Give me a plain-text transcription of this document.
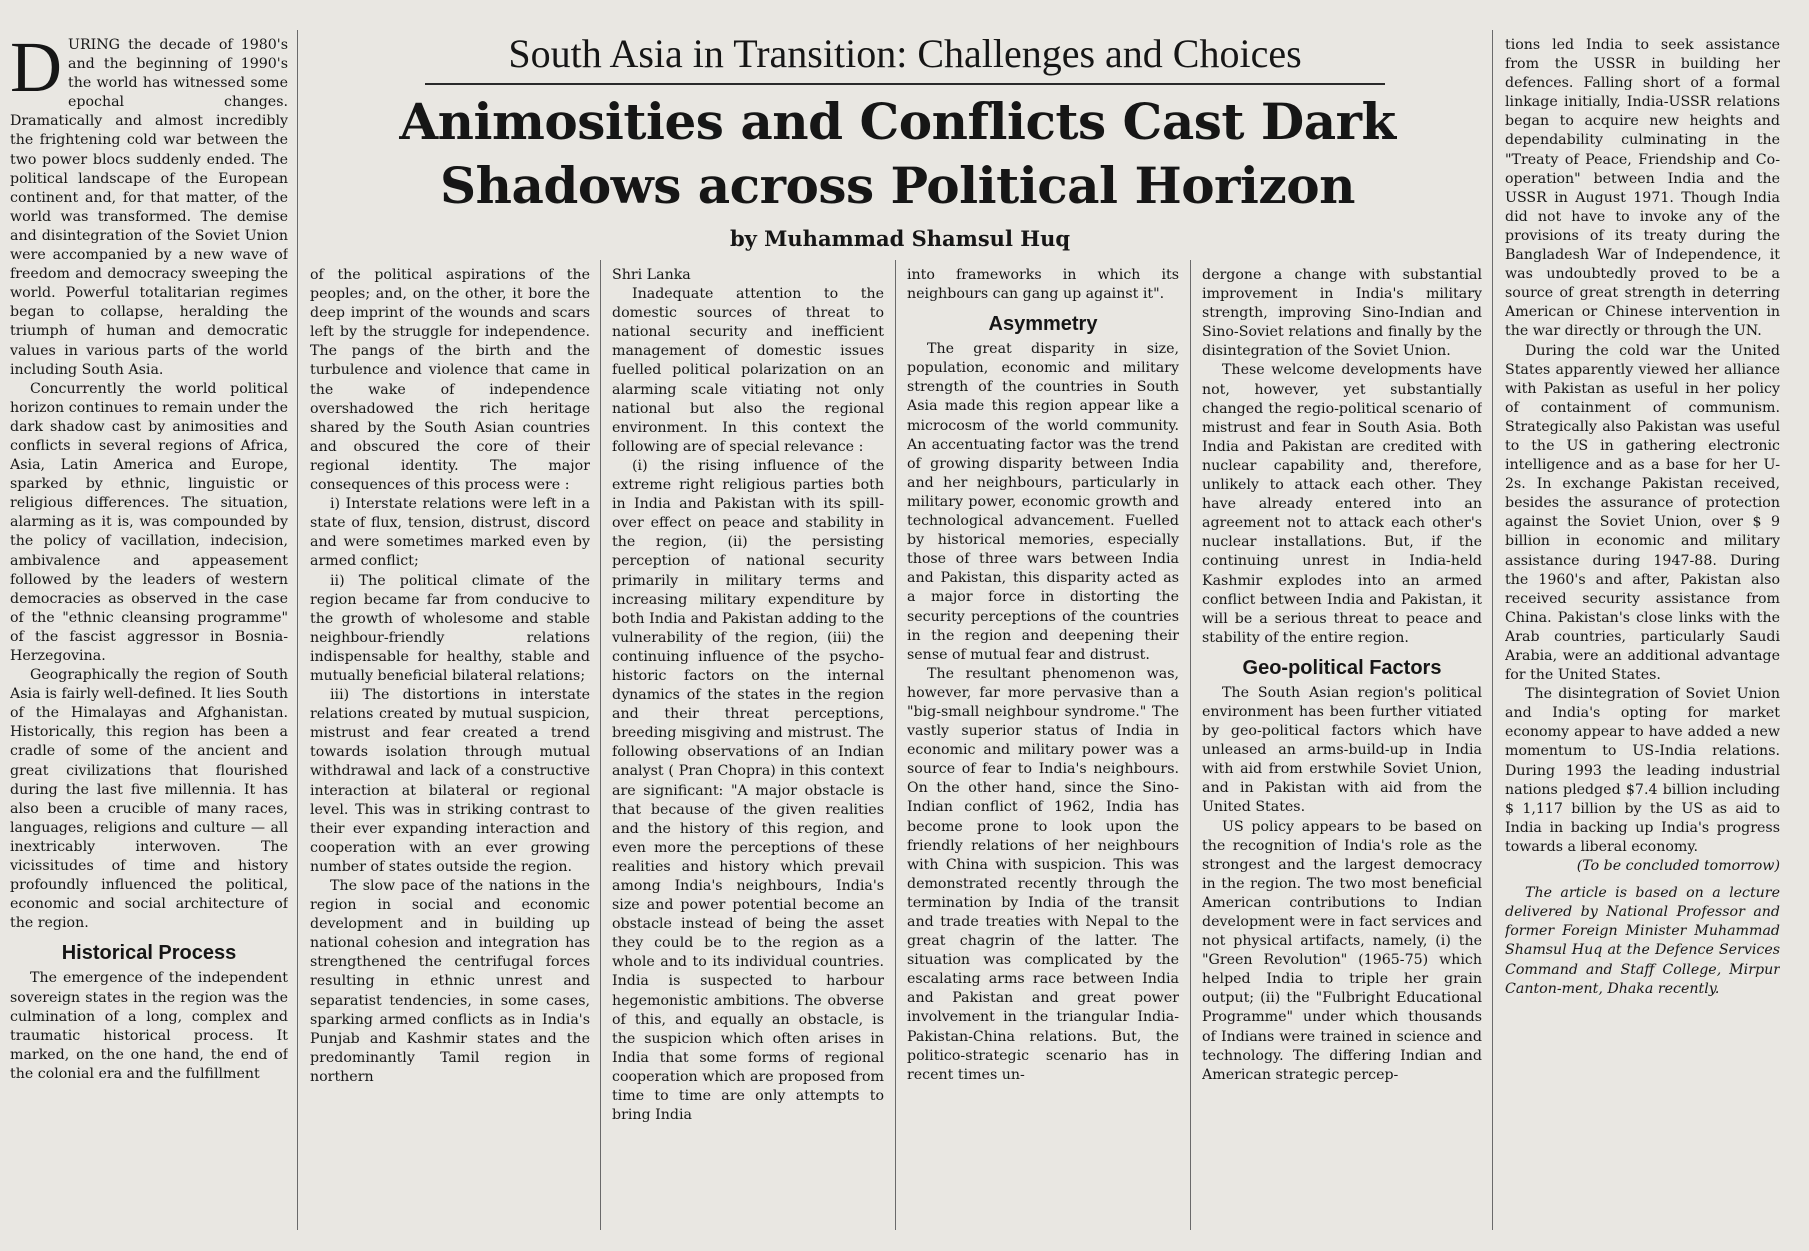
South Asia in Transition: Challenges and Choices
Animosities and Conflicts Cast Dark
Shadows across Political Horizon
by Muhammad Shamsul Huq

DURING the decade of 1980's and the beginning of 1990's the world has witnessed some epochal changes. Dramatically and almost incredibly the frightening cold war between the two power blocs suddenly ended. The political landscape of the European continent and, for that matter, of the world was transformed. The demise and disintegration of the Soviet Union were accompanied by a new wave of freedom and democracy sweeping the world. Powerful totalitarian regimes began to collapse, heralding the triumph of human and democratic values in various parts of the world including South Asia.

Concurrently the world political horizon continues to remain under the dark shadow cast by animosities and conflicts in several regions of Africa, Asia, Latin America and Europe, sparked by ethnic, linguistic or religious differences. The situation, alarming as it is, was compounded by the policy of vacillation, indecision, ambivalence and appeasement followed by the leaders of western democracies as observed in the case of the "ethnic cleansing programme" of the fascist aggressor in Bosnia-Herzegovina.

Geographically the region of South Asia is fairly well-defined. It lies South of the Himalayas and Afghanistan. Historically, this region has been a cradle of some of the ancient and great civilizations that flourished during the last five millennia. It has also been a crucible of many races, languages, religions and culture — all inextricably interwoven. The vicissitudes of time and history profoundly influenced the political, economic and social architecture of the region.

Historical Process

The emergence of the independent sovereign states in the region was the culmination of a long, complex and traumatic historical process. It marked, on the one hand, the end of the colonial era and the fulfillment

of the political aspirations of the peoples; and, on the other, it bore the deep imprint of the wounds and scars left by the struggle for independence. The pangs of the birth and the turbulence and violence that came in the wake of independence overshadowed the rich heritage shared by the South Asian countries and obscured the core of their regional identity. The major consequences of this process were :

i) Interstate relations were left in a state of flux, tension, distrust, discord and were sometimes marked even by armed conflict;

ii) The political climate of the region became far from conducive to the growth of wholesome and stable neighbour-friendly relations indispensable for healthy, stable and mutually beneficial bilateral relations;

iii) The distortions in interstate relations created by mutual suspicion, mistrust and fear created a trend towards isolation through mutual withdrawal and lack of a constructive interaction at bilateral or regional level. This was in striking contrast to their ever expanding interaction and cooperation with an ever growing number of states outside the region.

The slow pace of the nations in the region in social and economic development and in building up national cohesion and integration has strengthened the centrifugal forces resulting in ethnic unrest and separatist tendencies, in some cases, sparking armed conflicts as in India's Punjab and Kashmir states and the predominantly Tamil region in northern

Shri Lanka

Inadequate attention to the domestic sources of threat to national security and inefficient management of domestic issues fuelled political polarization on an alarming scale vitiating not only national but also the regional environment. In this context the following are of special relevance :

(i) the rising influence of the extreme right religious parties both in India and Pakistan with its spill-over effect on peace and stability in the region, (ii) the persisting perception of national security primarily in military terms and increasing military expenditure by both India and Pakistan adding to the vulnerability of the region, (iii) the continuing influence of the psycho-historic factors on the internal dynamics of the states in the region and their threat perceptions, breeding misgiving and mistrust. The following observations of an Indian analyst ( Pran Chopra) in this context are significant: "A major obstacle is that because of the given realities and the history of this region, and even more the perceptions of these realities and history which prevail among India's neighbours, India's size and power potential become an obstacle instead of being the asset they could be to the region as a whole and to its individual countries. India is suspected to harbour hegemonistic ambitions. The obverse of this, and equally an obstacle, is the suspicion which often arises in India that some forms of regional cooperation which are proposed from time to time are only attempts to bring India

into frameworks in which its neighbours can gang up against it".

Asymmetry

The great disparity in size, population, economic and military strength of the countries in South Asia made this region appear like a microcosm of the world community. An accentuating factor was the trend of growing disparity between India and her neighbours, particularly in military power, economic growth and technological advancement. Fuelled by historical memories, especially those of three wars between India and Pakistan, this disparity acted as a major force in distorting the security perceptions of the countries in the region and deepening their sense of mutual fear and distrust.

The resultant phenomenon was, however, far more pervasive than a "big-small neighbour syndrome." The vastly superior status of India in economic and military power was a source of fear to India's neighbours. On the other hand, since the Sino-Indian conflict of 1962, India has become prone to look upon the friendly relations of her neighbours with China with suspicion. This was demonstrated recently through the termination by India of the transit and trade treaties with Nepal to the great chagrin of the latter. The situation was complicated by the escalating arms race between India and Pakistan and great power involvement in the triangular India-Pakistan-China relations. But, the politico-strategic scenario has in recent times un-

dergone a change with substantial improvement in India's military strength, improving Sino-Indian and Sino-Soviet relations and finally by the disintegration of the Soviet Union.

These welcome developments have not, however, yet substantially changed the regio-political scenario of mistrust and fear in South Asia. Both India and Pakistan are credited with nuclear capability and, therefore, unlikely to attack each other. They have already entered into an agreement not to attack each other's nuclear installations. But, if the continuing unrest in India-held Kashmir explodes into an armed conflict between India and Pakistan, it will be a serious threat to peace and stability of the entire region.

Geo-political Factors

The South Asian region's political environment has been further vitiated by geo-political factors which have unleased an arms-build-up in India with aid from erstwhile Soviet Union, and in Pakistan with aid from the United States.

US policy appears to be based on the recognition of India's role as the strongest and the largest democracy in the region. The two most beneficial American contributions to Indian development were in fact services and not physical artifacts, namely, (i) the "Green Revolution" (1965-75) which helped India to triple her grain output; (ii) the "Fulbright Educational Programme" under which thousands of Indians were trained in science and technology. The differing Indian and American strategic percep-

tions led India to seek assistance from the USSR in building her defences. Falling short of a formal linkage initially, India-USSR relations began to acquire new heights and dependability culminating in the "Treaty of Peace, Friendship and Co-operation" between India and the USSR in August 1971. Though India did not have to invoke any of the provisions of its treaty during the Bangladesh War of Independence, it was undoubtedly proved to be a source of great strength in deterring American or Chinese intervention in the war directly or through the UN.

During the cold war the United States apparently viewed her alliance with Pakistan as useful in her policy of containment of communism. Strategically also Pakistan was useful to the US in gathering electronic intelligence and as a base for her U-2s. In exchange Pakistan received, besides the assurance of protection against the Soviet Union, over $ 9 billion in economic and military assistance during 1947-88. During the 1960's and after, Pakistan also received security assistance from China. Pakistan's close links with the Arab countries, particularly Saudi Arabia, were an additional advantage for the United States.

The disintegration of Soviet Union and India's opting for market economy appear to have added a new momentum to US-India relations. During 1993 the leading industrial nations pledged $7.4 billion including $ 1,117 billion by the US as aid to India in backing up India's progress towards a liberal economy.

(To be concluded tomorrow)

The article is based on a lecture delivered by National Professor and former Foreign Minister Muhammad Shamsul Huq at the Defence Services Command and Staff College, Mirpur Canton-ment, Dhaka recently.
